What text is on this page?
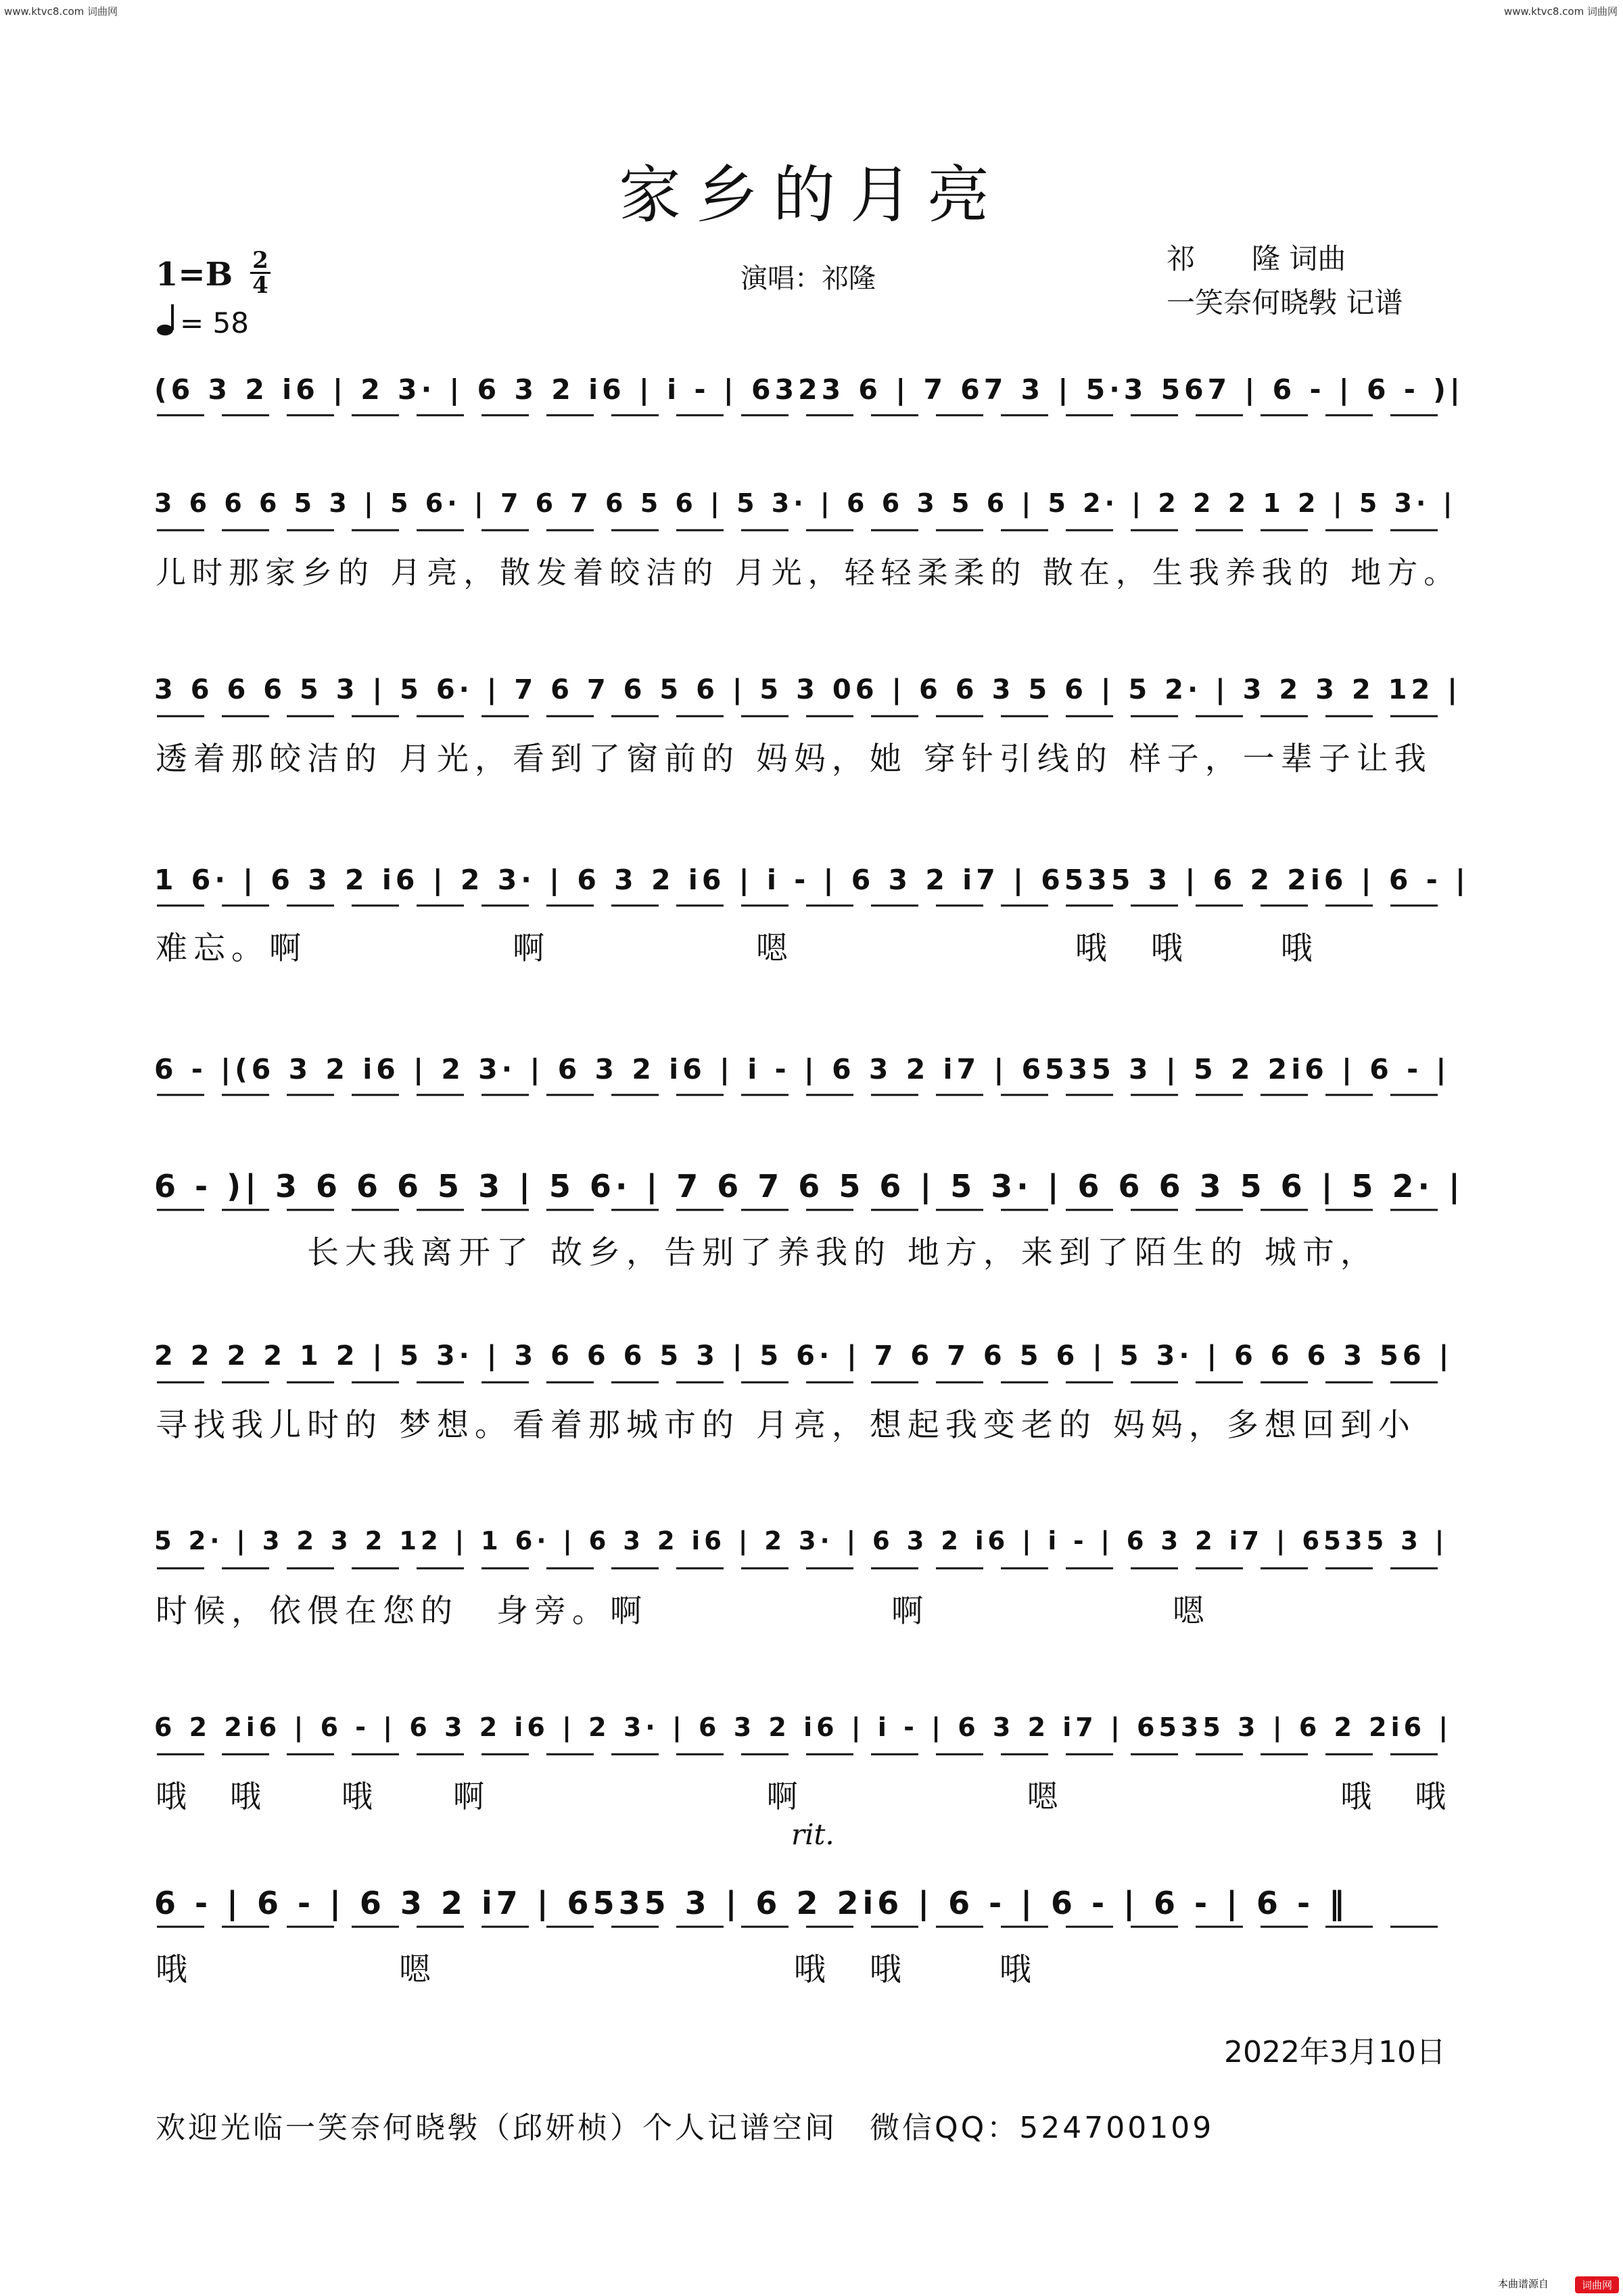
www.ktvc8.com 词曲网	www.ktvc8.com 词曲网
家乡的月亮
祁　　隆 词曲
一笑奈何晓斅 记谱
演唱：祁隆
1=B 2
4
= 58
rit.
(6 3 2 i6 | 2 3· | 6 3 2 i6 | i - | 6323 6 | 7 67 3 | 5·3 567 | 6 - | 6 - )|
3 6 6 6 5 3 | 5 6· | 7 6 7 6 5 6 | 5 3· | 6 6 3 5 6 | 5 2· | 2 2 2 1 2 | 5 3· |
儿时那家乡的 月亮，散发着皎洁的 月光，轻轻柔柔的 散在，生我养我的 地方。
3 6 6 6 5 3 | 5 6· | 7 6 7 6 5 6 | 5 3 06 | 6 6 3 5 6 | 5 2· | 3 2 3 2 12 |
透着那皎洁的 月光，看到了窗前的 妈妈，她 穿针引线的 样子，一辈子让我
1 6· | 6 3 2 i6 | 2 3· | 6 3 2 i6 | i - | 6 3 2 i7 | 6535 3 | 6 2 2i6 | 6 - |
难忘。啊　　　　　 啊　　　　　 嗯　　　　　　　 哦　哦　　 哦
6 - |(6 3 2 i6 | 2 3· | 6 3 2 i6 | i - | 6 3 2 i7 | 6535 3 | 5 2 2i6 | 6 - |
6 - )| 3 6 6 6 5 3 | 5 6· | 7 6 7 6 5 6 | 5 3· | 6 6 6 3 5 6 | 5 2· |
　　　　长大我离开了 故乡，告别了养我的 地方，来到了陌生的 城市，
2 2 2 2 1 2 | 5 3· | 3 6 6 6 5 3 | 5 6· | 7 6 7 6 5 6 | 5 3· | 6 6 6 3 56 |
寻找我儿时的 梦想。看着那城市的 月亮，想起我变老的 妈妈，多想回到小
5 2· | 3 2 3 2 12 | 1 6· | 6 3 2 i6 | 2 3· | 6 3 2 i6 | i - | 6 3 2 i7 | 6535 3 |
时候，依偎在您的　身旁。啊　　　　　　 啊　　　　　　 嗯
6 2 2i6 | 6 - | 6 3 2 i6 | 2 3· | 6 3 2 i6 | i - | 6 3 2 i7 | 6535 3 | 6 2 2i6 |
哦　哦　　哦　　啊　　　　　　　 啊　　　　　　嗯　　　　　　　 哦　哦
6 - | 6 - | 6 3 2 i7 | 6535 3 | 6 2 2i6 | 6 - | 6 - | 6 - | 6 - ‖
哦　　　　　 嗯　　　　　　　　　 哦　哦　　 哦
2022年3月10日
欢迎光临一笑奈何晓斅（邱妍桢）个人记谱空间　微信QQ：524700109
本曲谱源自	词曲网
